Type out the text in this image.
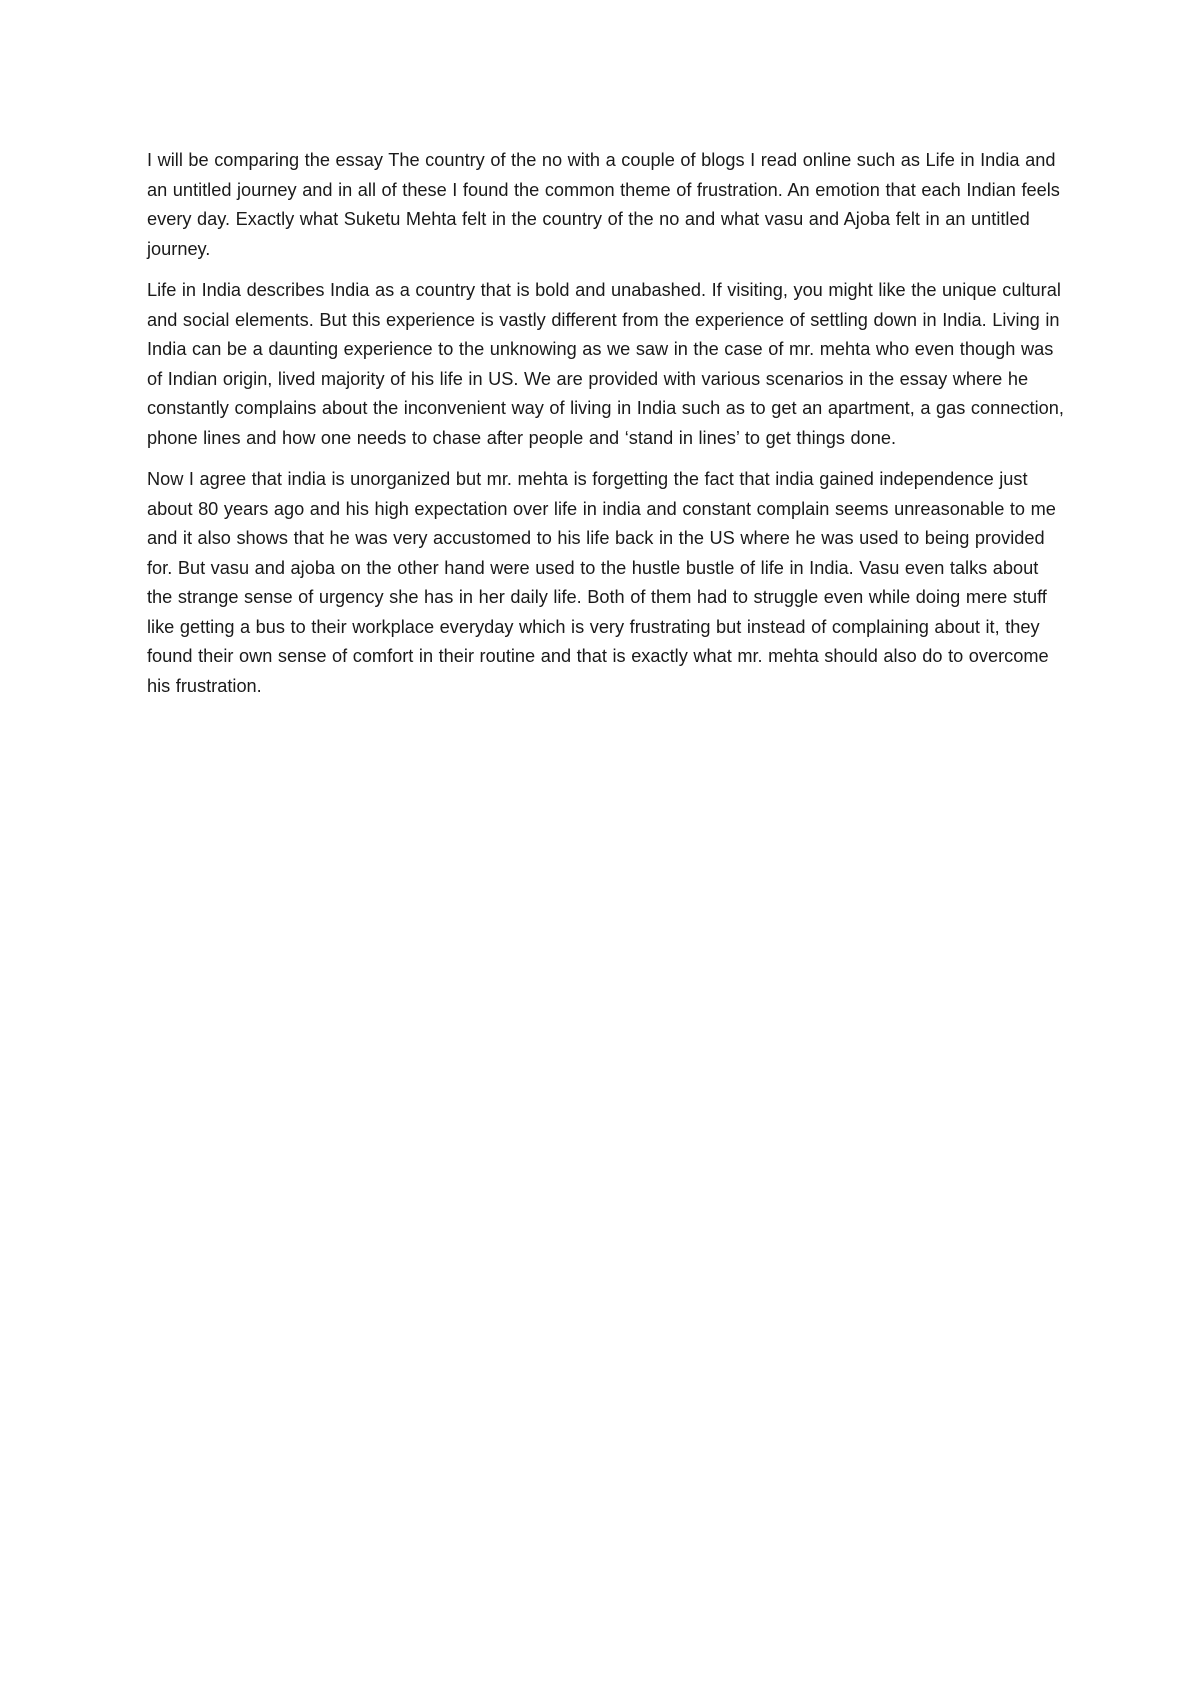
I will be comparing the essay The country of the no with a couple of blogs I read online such as Life in India and an untitled journey and in all of these I found the common theme of frustration. An emotion that each Indian feels every day. Exactly what Suketu Mehta felt in the country of the no and what vasu and Ajoba felt in an untitled journey.

Life in India describes India as a country that is bold and unabashed. If visiting, you might like the unique cultural and social elements. But this experience is vastly different from the experience of settling down in India. Living in India can be a daunting experience to the unknowing as we saw in the case of mr. mehta who even though was of Indian origin, lived majority of his life in US. We are provided with various scenarios in the essay where he constantly complains about the inconvenient way of living in India such as to get an apartment, a gas connection, phone lines and how one needs to chase after people and ‘stand in lines’ to get things done.

Now I agree that india is unorganized but mr. mehta is forgetting the fact that india gained independence just about 80 years ago and his high expectation over life in india and constant complain seems unreasonable to me and it also shows that he was very accustomed to his life back in the US where he was used to being provided for. But vasu and ajoba on the other hand were used to the hustle bustle of life in India. Vasu even talks about the strange sense of urgency she has in her daily life. Both of them had to struggle even while doing mere stuff like getting a bus to their workplace everyday which is very frustrating but instead of complaining about it, they found their own sense of comfort in their routine and that is exactly what mr. mehta should also do to overcome his frustration.
